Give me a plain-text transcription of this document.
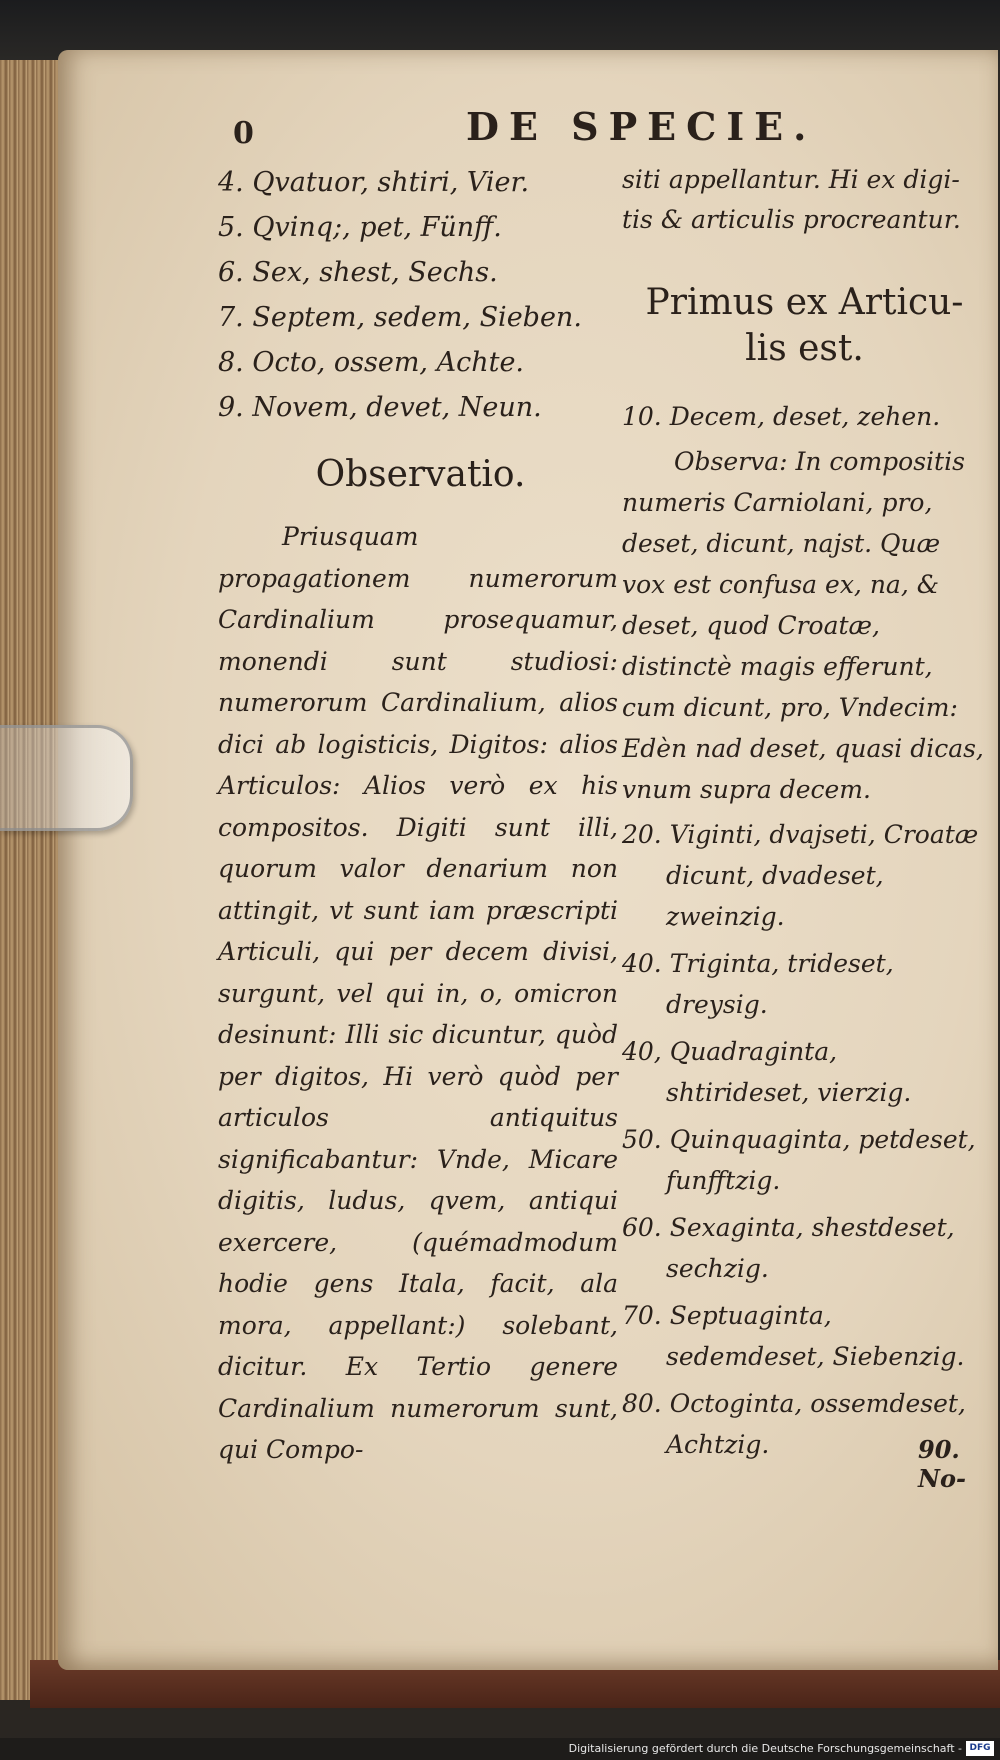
0	DE SPECIE.
4. Qvatuor, shtiri, Vier.
5. Qvinq;, pet, Fünff.
6. Sex, shest, Sechs.
7. Septem, sedem, Sieben.
8. Octo, ossem, Achte.
9. Novem, devet, Neun.
Observatio.

Priusquam propagationem numerorum Cardinalium prosequamur, monendi sunt studiosi: numerorum Cardinalium, alios dici ab logisticis, Digitos: alios Articulos: Alios verò ex his compositos. Digiti sunt illi, quorum valor denarium non attingit, vt sunt iam præscripti Articuli, qui per decem divisi, surgunt, vel qui in, o, omicron desinunt: Illi sic dicuntur, quòd per digitos, Hi verò quòd per articulos antiquitus significabantur: Vnde, Micare digitis, ludus, qvem, antiqui exercere, (quémadmodum hodie gens Itala, facit, ala mora, appellant:) solebant, dicitur. Ex Tertio genere Cardinalium numerorum sunt, qui Compo-

siti appellantur. Hi ex digi-
tis & articulis procreantur.
Primus ex Articu-
lis est.

10. Decem, deset, zehen.

Observa: In compositis numeris Carniolani, pro, deset, dicunt, najst. Quæ vox est confusa ex, na, & deset, quod Croatæ, distinctè magis efferunt, cum dicunt, pro, Vndecim: Edèn nad deset, quasi dicas, vnum supra decem.

20. Viginti, dvajseti, Croatæ dicunt, dvadeset, zweinzig.

40. Triginta, trideset, dreysig.

40, Quadraginta, shtirideset, vierzig.

50. Quinquaginta, petdeset, funfftzig.

60. Sexaginta, shestdeset, sechzig.

70. Septuaginta, sedemdeset, Siebenzig.

80. Octoginta, ossemdeset, Achtzig.	90. No-
Digitalisierung gefördert durch die Deutsche Forschungsgemeinschaft - DFG
